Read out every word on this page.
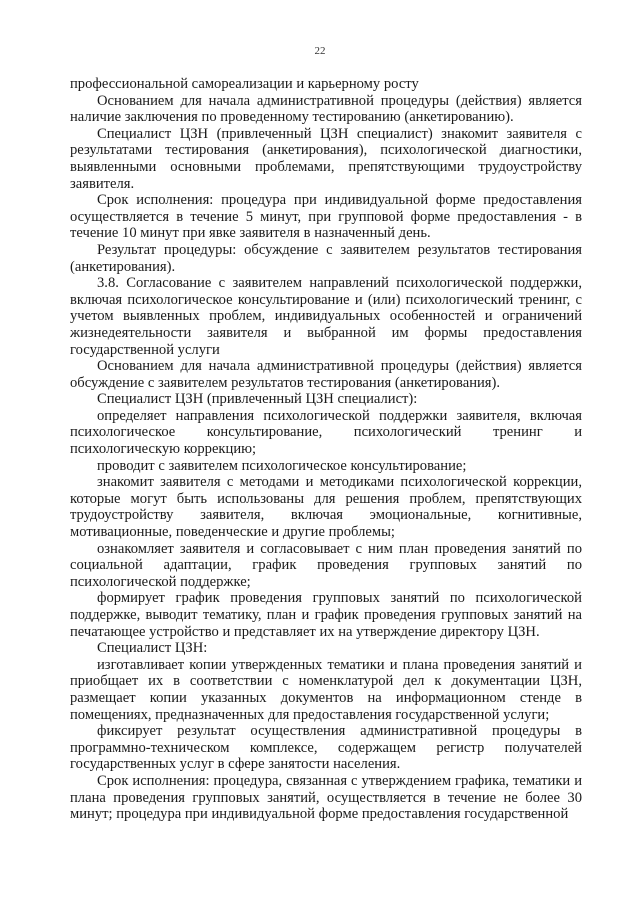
22

профессиональной самореализации и карьерному росту

Основанием для начала административной процедуры (действия) является наличие заключения по проведенному тестированию (анкетированию).

Специалист ЦЗН (привлеченный ЦЗН специалист) знакомит заявителя с результатами тестирования (анкетирования), психологической диагностики, выявленными основными проблемами, препятствующими трудоустройству заявителя.

Срок исполнения: процедура при индивидуальной форме предоставления осуществляется в течение 5 минут, при групповой форме предоставления - в течение 10 минут при явке заявителя в назначенный день.

Результат процедуры: обсуждение с заявителем результатов тестирования (анкетирования).

3.8. Согласование с заявителем направлений психологической поддержки, включая психологическое консультирование и (или) психологический тренинг, с учетом выявленных проблем, индивидуальных особенностей и ограничений жизнедеятельности заявителя и выбранной им формы предоставления государственной услуги

Основанием для начала административной процедуры (действия) является обсуждение с заявителем результатов тестирования (анкетирования).

Специалист ЦЗН (привлеченный ЦЗН специалист):

определяет направления психологической поддержки заявителя, включая психологическое консультирование, психологический тренинг и психологическую коррекцию;

проводит с заявителем психологическое консультирование;

знакомит заявителя с методами и методиками психологической коррекции, которые могут быть использованы для решения проблем, препятствующих трудоустройству заявителя, включая эмоциональные, когнитивные, мотивационные, поведенческие и другие проблемы;

ознакомляет заявителя и согласовывает с ним план проведения занятий по социальной адаптации, график проведения групповых занятий по психологической поддержке;

формирует график проведения групповых занятий по психологической поддержке, выводит тематику, план и график проведения групповых занятий на печатающее устройство и представляет их на утверждение директору ЦЗН.

Специалист ЦЗН:

изготавливает копии утвержденных тематики и плана проведения занятий и приобщает их в соответствии с номенклатурой дел к документации ЦЗН, размещает копии указанных документов на информационном стенде в помещениях, предназначенных для предоставления государственной услуги;

фиксирует результат осуществления административной процедуры в программно-техническом комплексе, содержащем регистр получателей государственных услуг в сфере занятости населения.

Срок исполнения: процедура, связанная с утверждением графика, тематики и плана проведения групповых занятий, осуществляется в течение не более 30 минут; процедура при индивидуальной форме предоставления государственной
